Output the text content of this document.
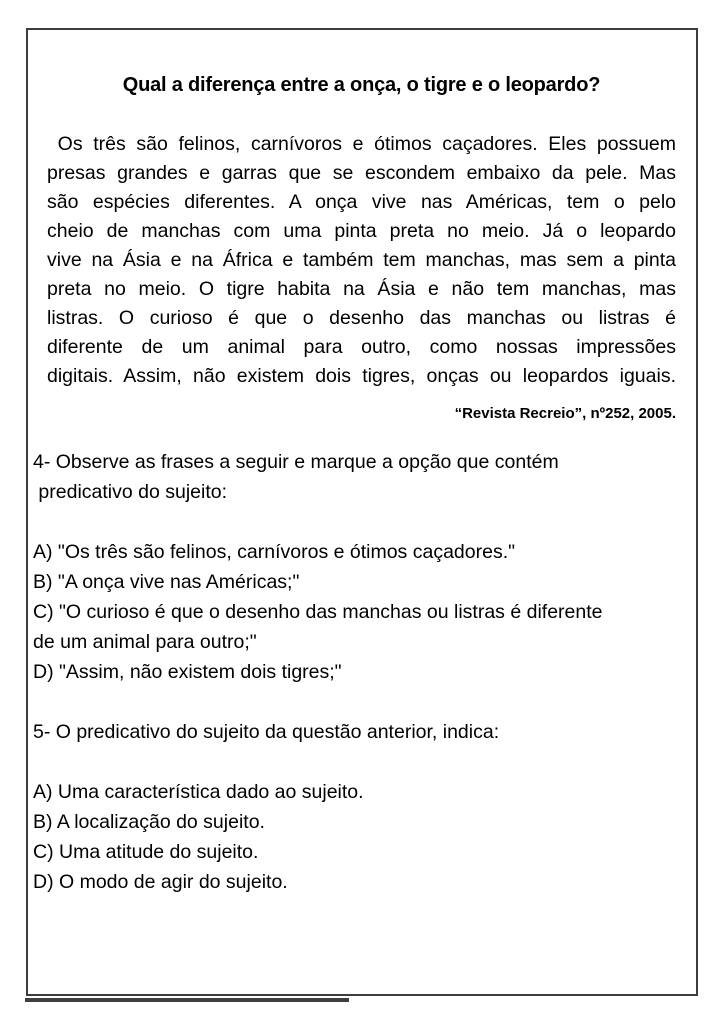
Qual a diferença entre a onça, o tigre e o leopardo?
Os três são felinos, carnívoros e ótimos caçadores. Eles possuem
presas grandes e garras que se escondem embaixo da pele. Mas
são espécies diferentes. A onça vive nas Américas, tem o pelo
cheio de manchas com uma pinta preta no meio. Já o leopardo
vive na Ásia e na África e também tem manchas, mas sem a pinta
preta no meio. O tigre habita na Ásia e não tem manchas, mas
listras. O curioso é que o desenho das manchas ou listras é
diferente de um animal para outro, como nossas impressões
digitais. Assim, não existem dois tigres, onças ou leopardos iguais.
“Revista Recreio”, nº252, 2005.
4- Observe as frases a seguir e marque a opção que contém
predicativo do sujeito:
A) "Os três são felinos, carnívoros e ótimos caçadores."
B) "A onça vive nas Américas;"
C) "O curioso é que o desenho das manchas ou listras é diferente
de um animal para outro;"
D) "Assim, não existem dois tigres;"
5- O predicativo do sujeito da questão anterior, indica:
A) Uma característica dado ao sujeito.
B) A localização do sujeito.
C) Uma atitude do sujeito.
D) O modo de agir do sujeito.
